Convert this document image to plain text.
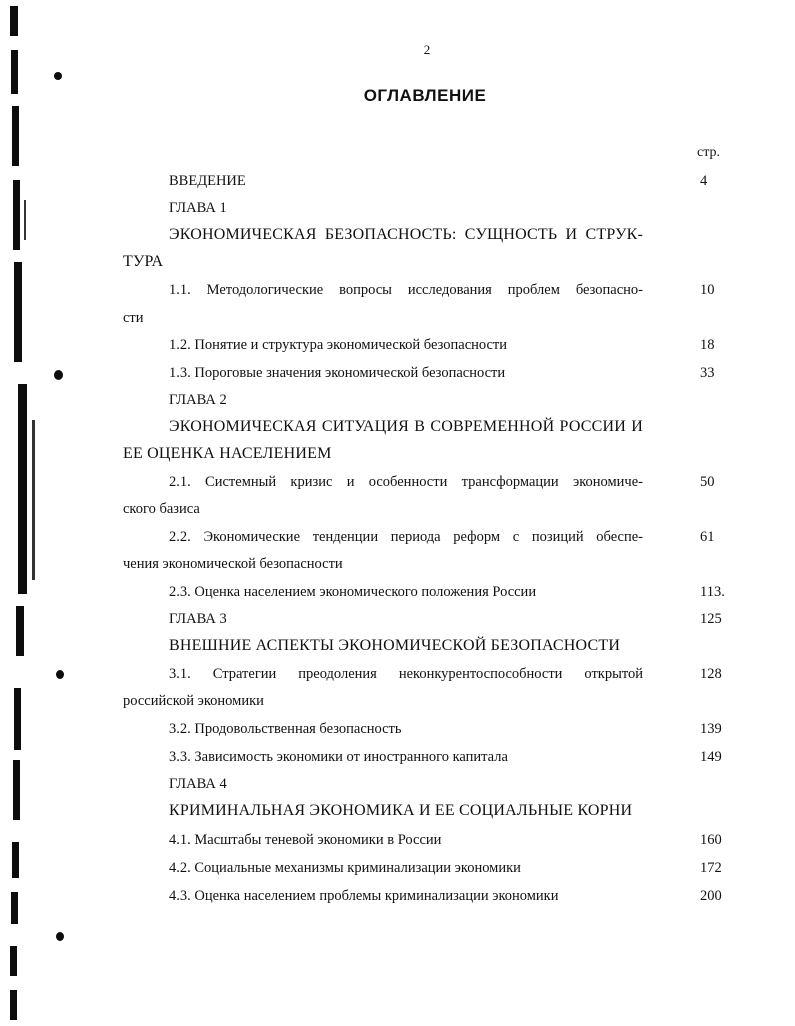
2
ОГЛАВЛЕНИЕ
стр.
ВВЕДЕНИЕ	4
ГЛАВА 1
ЭКОНОМИЧЕСКАЯ БЕЗОПАСНОСТЬ: СУЩНОСТЬ И СТРУК-
ТУРА
1.1. Методологические вопросы исследования проблем безопасно-	10
сти
1.2. Понятие и структура экономической безопасности	18
1.3. Пороговые значения экономической безопасности	33
ГЛАВА 2
ЭКОНОМИЧЕСКАЯ СИТУАЦИЯ В СОВРЕМЕННОЙ РОССИИ И
ЕЕ ОЦЕНКА НАСЕЛЕНИЕМ
2.1. Системный кризис и особенности трансформации экономиче-	50
ского базиса
2.2. Экономические тенденции периода реформ с позиций обеспе-	61
чения экономической безопасности
2.3. Оценка населением экономического положения России	113.
ГЛАВА 3	125
ВНЕШНИЕ АСПЕКТЫ ЭКОНОМИЧЕСКОЙ БЕЗОПАСНОСТИ
3.1. Стратегии преодоления неконкурентоспособности открытой	128
российской экономики
3.2. Продовольственная безопасность	139
3.3. Зависимость экономики от иностранного капитала	149
ГЛАВА 4
КРИМИНАЛЬНАЯ ЭКОНОМИКА И ЕЕ СОЦИАЛЬНЫЕ КОРНИ
4.1. Масштабы теневой экономики в России	160
4.2. Социальные механизмы криминализации экономики	172
4.3. Оценка населением проблемы криминализации экономики	200
